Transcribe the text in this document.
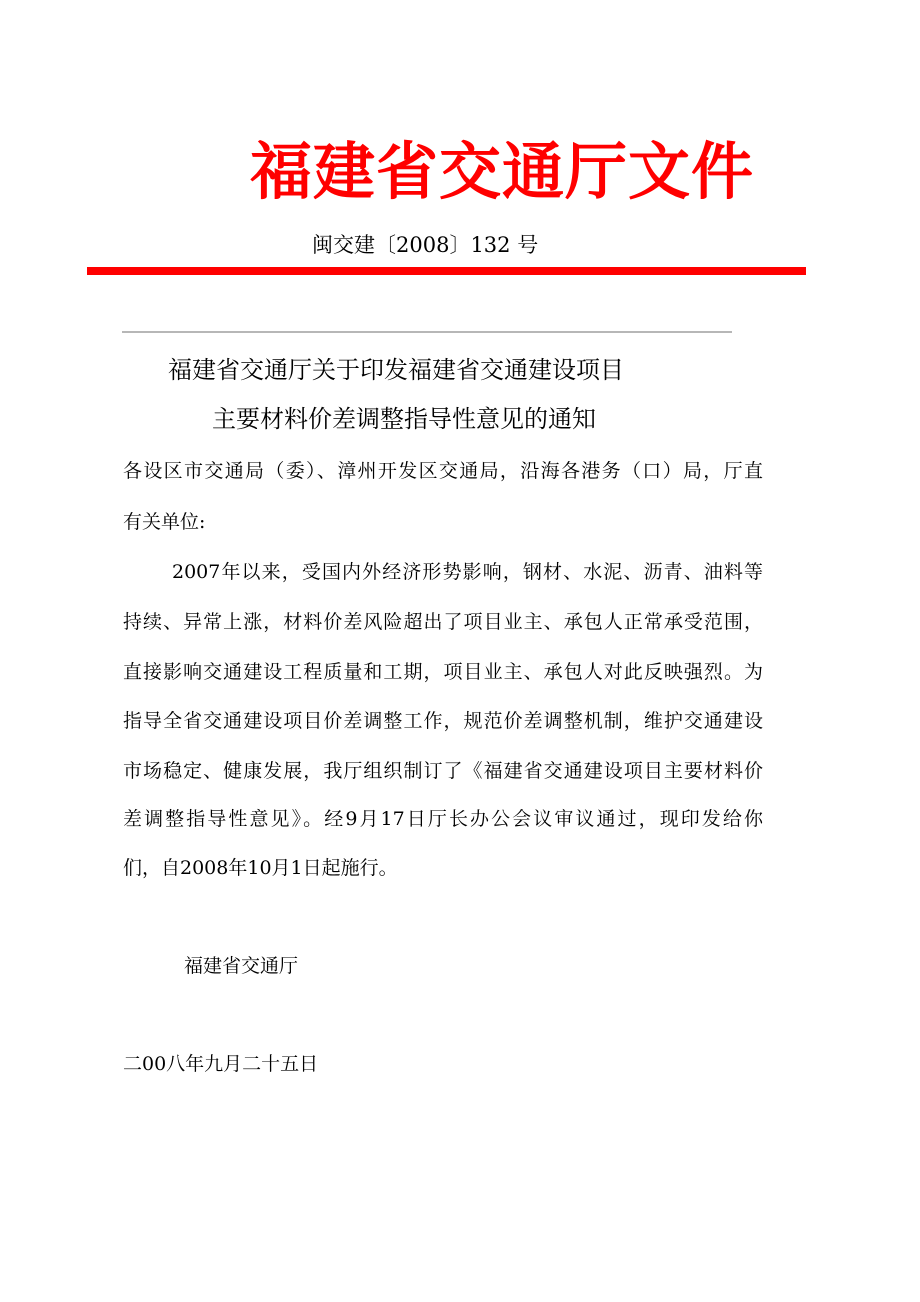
福建省交通厅文件
闽交建〔2008〕132 号
福建省交通厅关于印发福建省交通建设项目
主要材料价差调整指导性意见的通知
各设区市交通局（委）、漳州开发区交通局，沿海各港务（口）局，厅直
有关单位:
2007年以来，受国内外经济形势影响，钢材、水泥、沥青、油料等
持续、异常上涨，材料价差风险超出了项目业主、承包人正常承受范围，
直接影响交通建设工程质量和工期，项目业主、承包人对此反映强烈。为
指导全省交通建设项目价差调整工作，规范价差调整机制，维护交通建设
市场稳定、健康发展，我厅组织制订了《福建省交通建设项目主要材料价
差调整指导性意见》。经9月17日厅长办公会议审议通过，现印发给你
们，自2008年10月1日起施行。
福建省交通厅
二00八年九月二十五日
